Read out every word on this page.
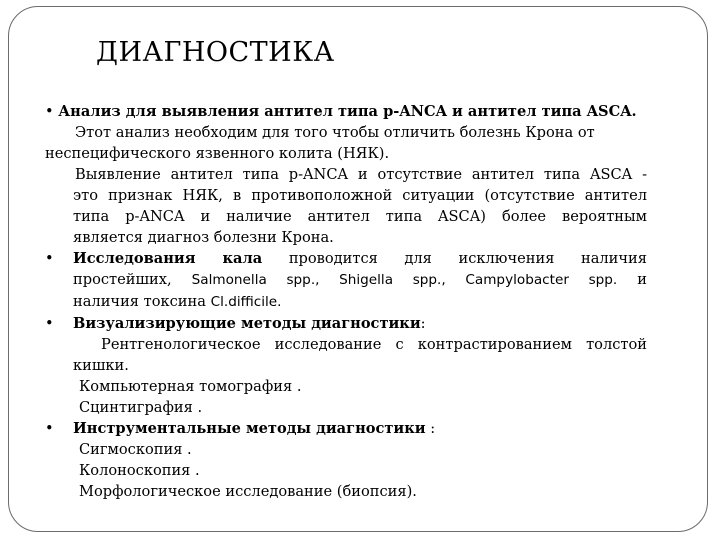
ДИАГНОСТИКА
• Анализ для выявления антител типа р-ANCA и антител типа ASCA.
Этот анализ необходим для того чтобы отличить болезнь Крона от
неспецифического язвенного колита (НЯК).
Выявление антител типа р-ANCA и отсутствие антител типа ASCA -
это признак НЯК, в противоположной ситуации (отсутствие антител
типа р-ANCA и наличие антител типа ASCA) более вероятным
является диагноз болезни Крона.
• Исследования кала проводится для исключения наличия
простейших, Salmonella spp., Shigella spp., Campylobacter spp. и
наличия токсина Cl.difficile.
• Визуализирующие методы диагностики:
Рентгенологическое исследование с контрастированием толстой
кишки.
Компьютерная томография .
Сцинтиграфия .
• Инструментальные методы диагностики :
Сигмоскопия .
Колоноскопия .
Морфологическое исследование (биопсия).
